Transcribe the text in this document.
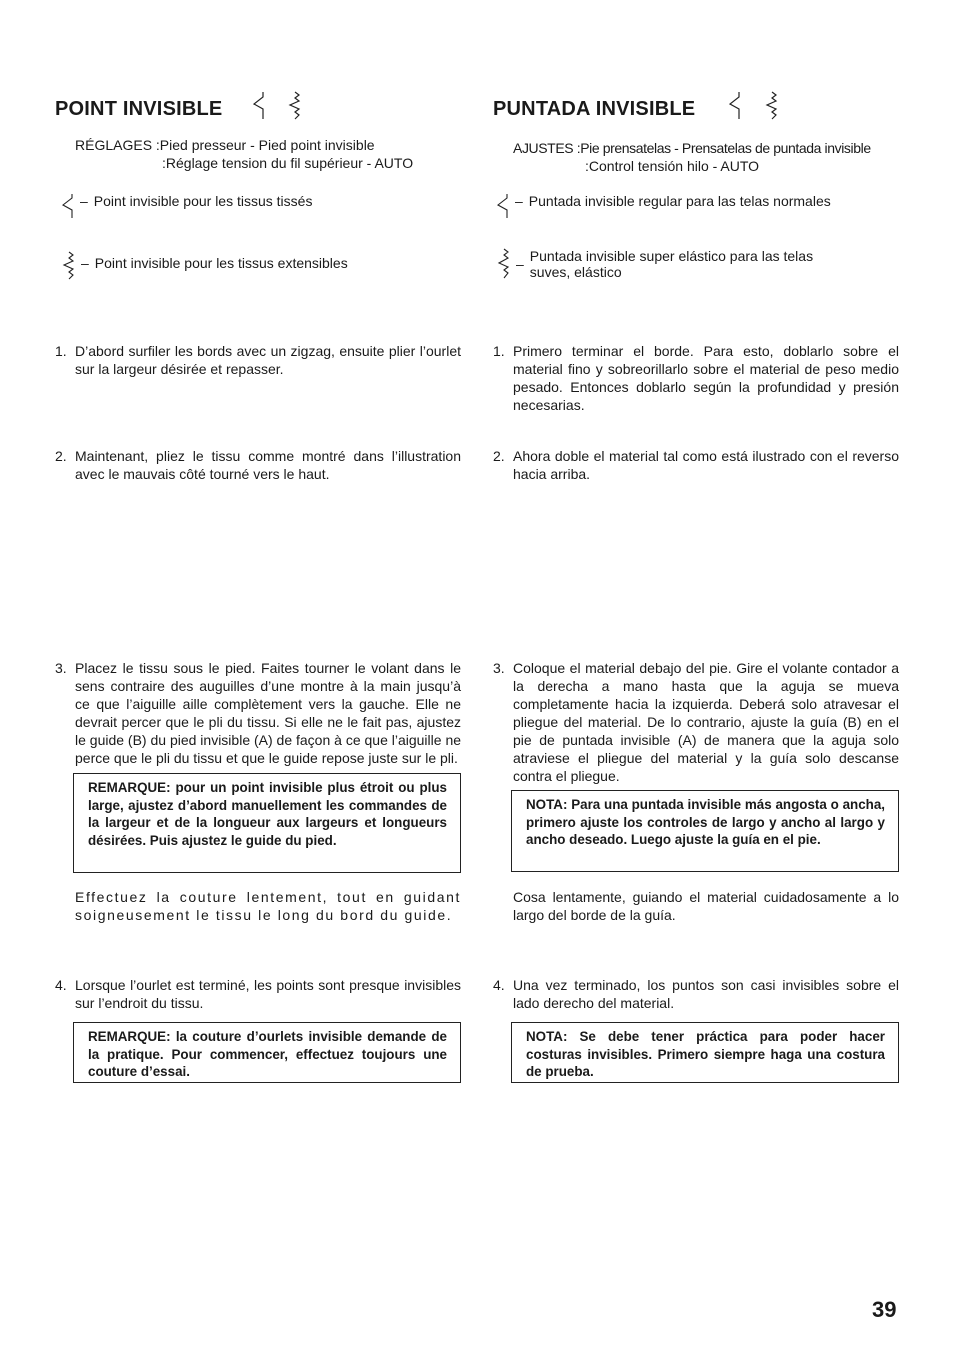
POINT INVISIBLE
RÉGLAGES :Pied presseur - Pied point invisible
:Réglage tension du fil supérieur - AUTO
– Point invisible pour les tissus tissés
– Point invisible pour les tissus extensibles
1. D’abord surfiler les bords avec un zigzag, ensuite plier l’ourlet sur la largeur désirée et repasser.
2. Maintenant, pliez le tissu comme montré dans l’illustration avec le mauvais côté tourné vers le haut.
3. Placez le tissu sous le pied. Faites tourner le volant dans le sens contraire des auguilles d’une montre à la main jusqu’à ce que l’aiguille aille complètement vers la gauche. Elle ne devrait percer que le pli du tissu. Si elle ne le fait pas, ajustez le guide (B) du pied invisible (A) de façon à ce que l’aiguille ne perce que le pli du tissu et que le guide repose juste sur le pli.
REMARQUE: pour un point invisible plus étroit ou plus large, ajustez d’abord manuellement les commandes de la largeur et de la longueur aux largeurs et longueurs désirées. Puis ajustez le guide du pied.
Effectuez la couture lentement, tout en guidant soigneusement le tissu le long du bord du guide.
4. Lorsque l’ourlet est terminé, les points sont presque invisibles sur l’endroit du tissu.
REMARQUE: la couture d’ourlets invisible demande de la pratique. Pour commencer, effectuez toujours une couture d’essai.
PUNTADA INVISIBLE
AJUSTES :Pie prensatelas - Prensatelas de puntada invisible
:Control tensión hilo - AUTO
– Puntada invisible regular para las telas normales
– Puntada invisible super elástico para las telas
suves, elástico
1. Primero terminar el borde. Para esto, doblarlo sobre el material fino y sobreorillarlo sobre el material de peso medio pesado. Entonces doblarlo según la profundidad y presión necesarias.
2. Ahora doble el material tal como está ilustrado con el reverso hacia arriba.
3. Coloque el material debajo del pie. Gire el volante contador a la derecha a mano hasta que la aguja se mueva completamente hacia la izquierda. Deberá solo atravesar el pliegue del material. De lo contrario, ajuste la guía (B) en el pie de puntada invisible (A) de manera que la aguja solo atraviese el pliegue del material y la guía solo descanse contra el pliegue.
NOTA: Para una puntada invisible más angosta o ancha, primero ajuste los controles de largo y ancho al largo y ancho deseado. Luego ajuste la guía en el pie.
Cosa lentamente, guiando el material cuidadosamente a lo largo del borde de la guía.
4. Una vez terminado, los puntos son casi invisibles sobre el lado derecho del material.
NOTA: Se debe tener práctica para poder hacer costuras invisibles. Primero siempre haga una costura de prueba.
39
